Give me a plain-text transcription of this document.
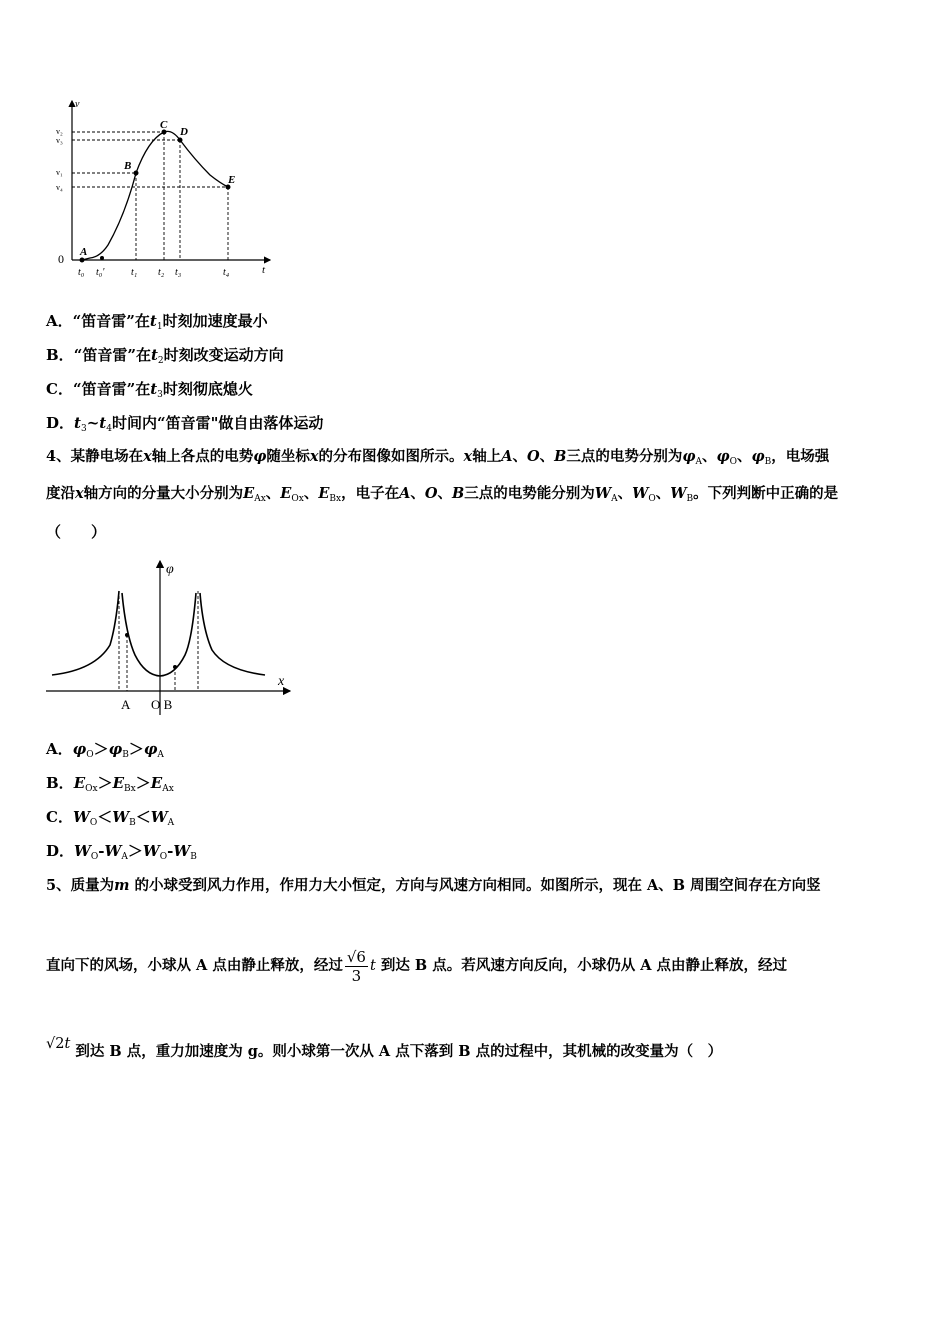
v
t
0 A
B
C
D
E
v₂
v₃
v₁
v₄
t₀ t₀'	t₁ t₂ t₃	t₄
A．“笛音雷”在$t_1$时刻加速度最小
B．“笛音雷”在$t_2$时刻改变运动方向
C．“笛音雷”在$t_3$时刻彻底熄火
D．$t_3\sim t_4$时间内“笛音雷"做自由落体运动
4、某静电场在x轴上各点的电势φ随坐标x的分布图像如图所示。x轴上A、O、B三点的电势分别为$\varphi_A$、$\varphi_O$、$\varphi_B$，电场强
度沿x轴方向的分量大小分别为$E_{Ax}$、$E_{Ox}$、$E_{Bx}$，电子在A、O、B三点的电势能分别为$W_A$、$W_O$、$W_B$。下列判断中正确的是
（　　）
φ
x
A O B
A．$\varphi_O>\varphi_B>\varphi_A$
B．$E_{Ox}>E_{Bx}>E_{Ax}$
C．$W_O<W_B<W_A$
D．$W_O-W_A>W_O-W_B$
5、质量为m 的小球受到风力作用，作用力大小恒定，方向与风速方向相同。如图所示，现在 A、B 周围空间存在方向竖
直向下的风场，小球从 A 点由静止释放，经过 $\frac{√6}{3}$ t 到达 B 点。若风速方向反向，小球仍从 A 点由静止释放，经过
√2t 到达 B 点，重力加速度为 g。则小球第一次从 A 点下落到 B 点的过程中，其机械的改变量为（　）
